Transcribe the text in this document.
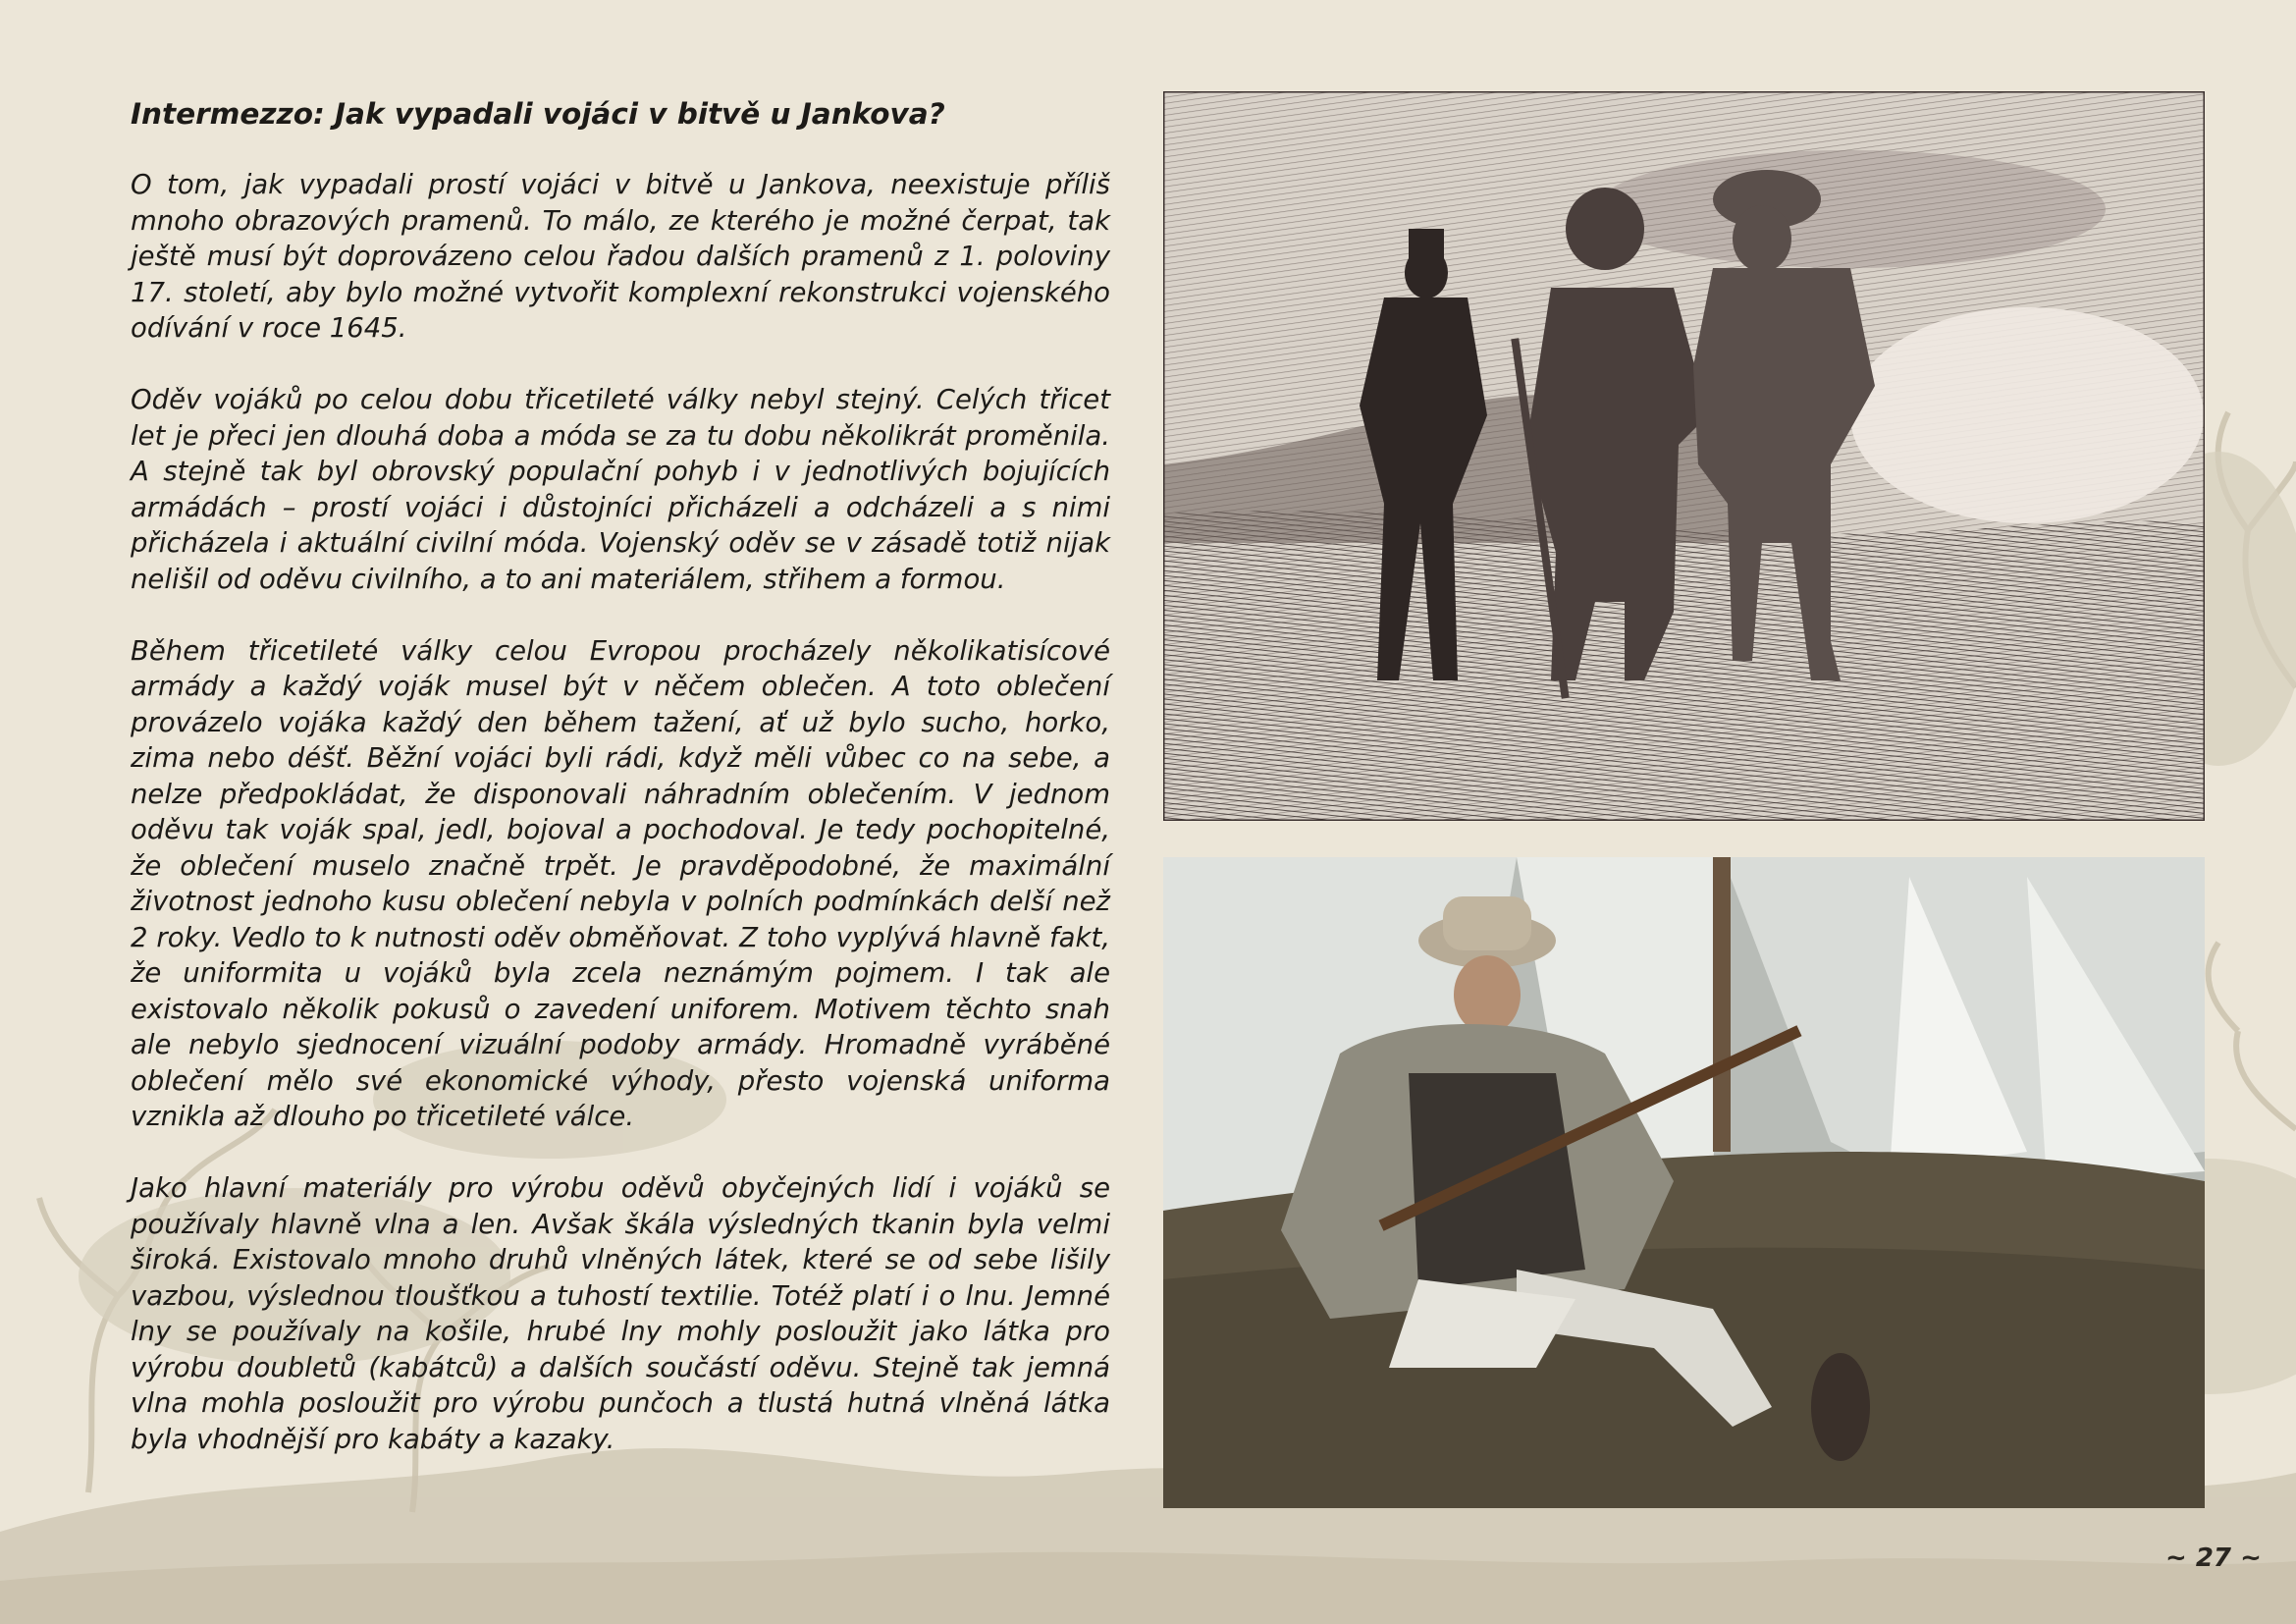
Intermezzo: Jak vypadali vojáci v bitvě u Jankova?

O tom, jak vypadali prostí vojáci v bitvě u Jankova, neexistuje příliš mnoho obrazových pramenů. To málo, ze kterého je možné čerpat, tak ještě musí být doprovázeno celou řadou dalších pramenů z 1. poloviny 17. století, aby bylo možné vytvořit komplexní rekonstrukci vojenského odívání v roce 1645.

Oděv vojáků po celou dobu třicetileté války nebyl stejný. Celých třicet let je přeci jen dlouhá doba a móda se za tu dobu několikrát proměnila. A stejně tak byl obrovský populační pohyb i v jednotlivých bojujících armádách – prostí vojáci i důstojníci přicházeli a odcházeli a s nimi přicházela i aktuální civilní móda. Vojenský oděv se v zásadě totiž nijak nelišil od oděvu civilního, a to ani materiálem, střihem a formou.

Během třicetileté války celou Evropou procházely několikatisícové armády a každý voják musel být v něčem oblečen. A toto oblečení provázelo vojáka každý den během tažení, ať už bylo sucho, horko, zima nebo déšť. Běžní vojáci byli rádi, když měli vůbec co na sebe, a nelze předpokládat, že disponovali náhradním oblečením. V jednom oděvu tak voják spal, jedl, bojoval a pochodoval. Je tedy pochopitelné, že oblečení muselo značně trpět. Je pravděpodobné, že maximální životnost jednoho kusu oblečení nebyla v polních podmínkách delší než 2 roky. Vedlo to k nutnosti oděv obměňovat. Z toho vyplývá hlavně fakt, že uniformita u vojáků byla zcela neznámým pojmem. I tak ale existovalo několik pokusů o zavedení uniforem. Motivem těchto snah ale nebylo sjednocení vizuální podoby armády. Hromadně vyráběné oblečení mělo své ekonomické výhody, přesto vojenská uniforma vznikla až dlouho po třicetileté válce.

Jako hlavní materiály pro výrobu oděvů obyčejných lidí i vojáků se používaly hlavně vlna a len. Avšak škála výsledných tkanin byla velmi široká. Existovalo mnoho druhů vlněných látek, které se od sebe lišily vazbou, výslednou tloušťkou a tuhostí textilie. Totéž platí i o lnu. Jemné lny se používaly na košile, hrubé lny mohly posloužit jako látka pro výrobu doubletů (kabátců) a dalších součástí oděvu. Stejně tak jemná vlna mohla posloužit pro výrobu punčoch a tlustá hutná vlněná látka byla vhodnější pro kabáty a kazaky.

~ 27 ~
